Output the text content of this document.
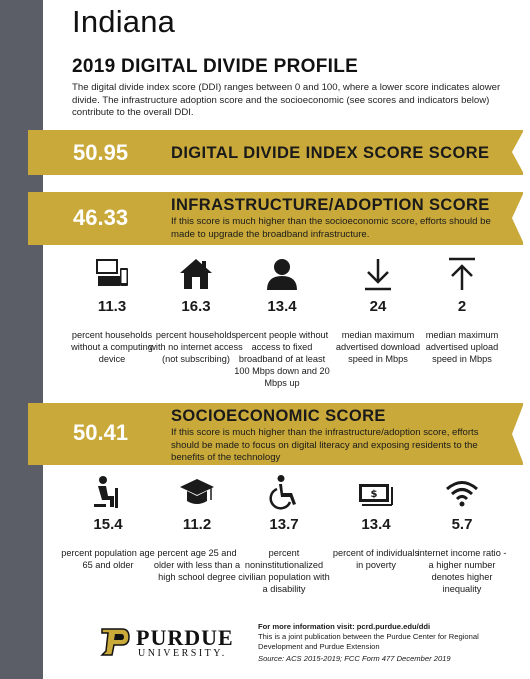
Indiana
2019 DIGITAL DIVIDE PROFILE
The digital divide index score (DDI) ranges between 0 and 100, where a lower score indicates alower divide. The infrastructure adoption score and the socioeconomic (see scores and indicators below) contribute to the overall DDI.
50.95	DIGITAL DIVIDE INDEX SCORE SCORE
46.33	INFRASTRUCTURE/ADOPTION SCORE
If this score is much higher than the socioeconomic score, efforts should be made to upgrade the broadband infrastructure.
11.3
percent households without a computing device
16.3
percent households with no internet access (not subscribing)
13.4
percent people without access to fixed broadband of at least 100 Mbps down and 20 Mbps up
24
median maximum advertised download speed in Mbps
2
median maximum advertised upload speed in Mbps
50.41
SOCIOECONOMIC SCORE
If this score is much higher than the infrastructure/adoption score, efforts should be made to focus on digital literacy and exposing residents to the benefits of the technology
15.4
percent population age 65 and older
11.2
percent age 25 and older with less than a high school degree
13.7
percent noninstitutionalized civilian population with a disability
$
13.4
percent of individuals in poverty
5.7
internet income ratio - a higher number denotes higher inequality
PURDUE
UNIVERSITY.
For more information visit: pcrd.purdue.edu/ddi
This is a joint publication between the Purdue Center for Regional Development and Purdue Extension
Source: ACS 2015-2019; FCC Form 477 December 2019
